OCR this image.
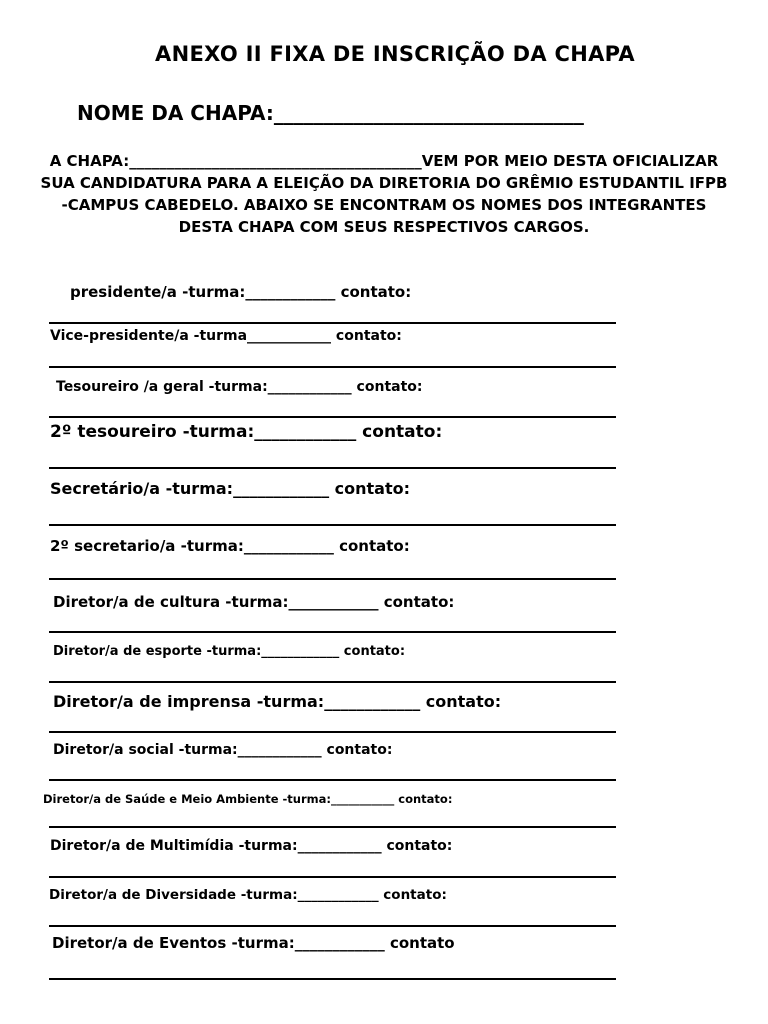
ANEXO II FIXA DE INSCRIÇÃO DA CHAPA
NOME DA CHAPA:_______________________________
A CHAPA:_______________________________________VEM POR MEIO DESTA OFICIALIZAR SUA CANDIDATURA PARA A ELEIÇÃO DA DIRETORIA DO GRÊMIO ESTUDANTIL IFPB -CAMPUS CABEDELO. ABAIXO SE ENCONTRAM OS NOMES DOS INTEGRANTES DESTA CHAPA COM SEUS RESPECTIVOS CARGOS.
presidente/a -turma:____________ contato:
Vice-presidente/a -turma____________ contato:
Tesoureiro /a geral -turma:____________ contato:
2º tesoureiro -turma:____________ contato:
Secretário/a -turma:____________ contato:
2º secretario/a -turma:____________ contato:
Diretor/a de cultura -turma:____________ contato:
Diretor/a de esporte -turma:____________ contato:
Diretor/a de imprensa -turma:____________ contato:
Diretor/a social -turma:____________ contato:
Diretor/a de Saúde e Meio Ambiente -turma:___________ contato:
Diretor/a de Multimídia -turma:____________ contato:
Diretor/a de Diversidade -turma:____________ contato:
Diretor/a de Eventos -turma:____________ contato
